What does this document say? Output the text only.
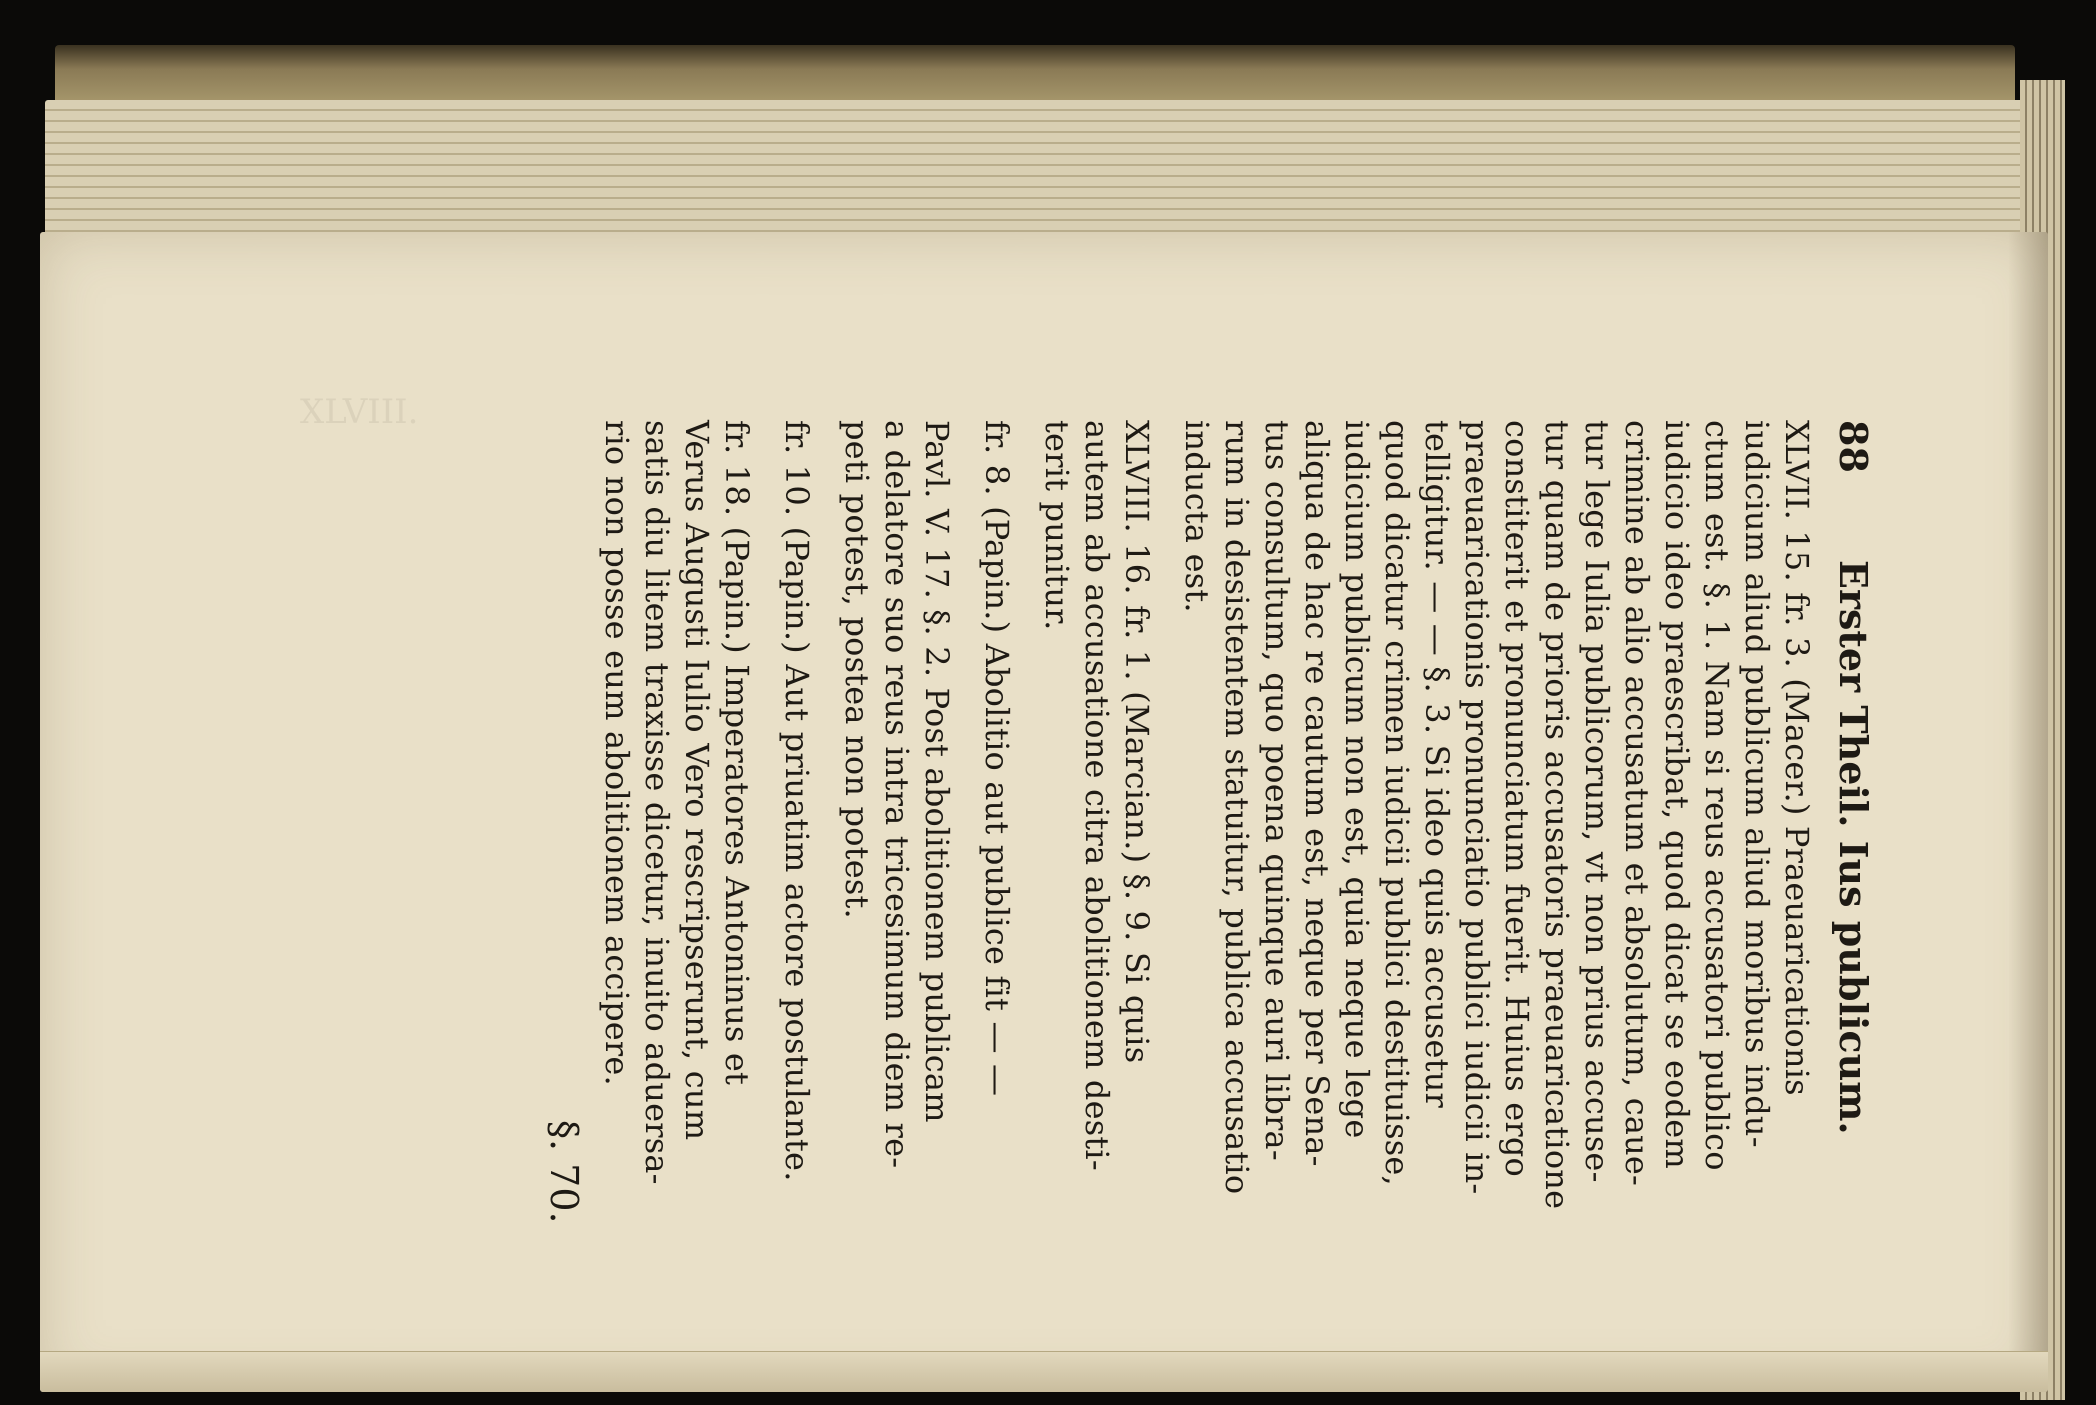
XLVIII.
88
Erster Theil. Ius publicum.
XLVII. 15. fr. 3. (Macer.) Praeuaricationis
iudicium aliud publicum aliud moribus indu-
ctum est. §. 1. Nam si reus accusatori publico
iudicio ideo praescribat, quod dicat se eodem
crimine ab alio accusatum et absolutum, caue-
tur lege Iulia publicorum, vt non prius accuse-
tur quam de prioris accusatoris praeuaricatione
constiterit et pronunciatum fuerit. Huius ergo
praeuaricationis pronunciatio publici iudicii in-
telligitur. — — §. 3. Si ideo quis accusetur
quod dicatur crimen iudicii publici destituisse,
iudicium publicum non est, quia neque lege
aliqua de hac re cautum est, neque per Sena-
tus consultum, quo poena quinque auri libra-
rum in desistentem statuitur, publica accusatio
inducta est.
XLVIII. 16. fr. 1. (Marcian.) §. 9. Si quis
autem ab accusatione citra abolitionem desti-
terit punitur.
fr. 8. (Papin.) Abolitio aut publice fit — —
Pavl. V. 17. §. 2. Post abolitionem publicam
a delatore suo reus intra tricesimum diem re-
peti potest, postea non potest.
fr. 10. (Papin.) Aut priuatim actore postulante.
fr. 18. (Papin.) Imperatores Antoninus et
Verus Augusti Iulio Vero rescripserunt, cum
satis diu litem traxisse dicetur, inuito aduersa-
rio non posse eum abolitionem accipere.
§. 70.
